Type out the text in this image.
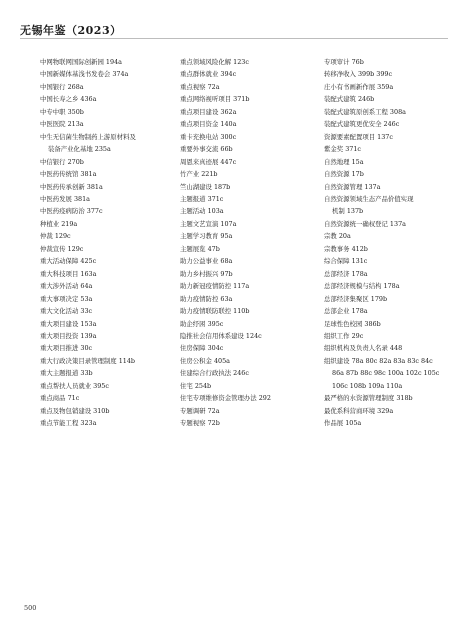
无锡年鉴（2023）
中网物联网国际创新园 194a
中国新媒体基浅书发卷会 374a
中国银行 268a
中国长寿之乡 436a
中专中职 350b
中医医院 213a
中生无信菌生物制药上游原材料及
装备产业化基地 235a
中信银行 270b
中医药传统馆 381a
中医药传承创新 381a
中医药发展 381a
中医药疫病防治 377c
种植业 219a
仲裁 129c
仲裁宣传 129c
重大活动保障 425c
重大科技项目 163a
重大涉外活动 64a
重大事项决定 53a
重大文化活动 33c
重大项目建设 153a
重大项目投资 139a
重大项目推进 30c
重大行政决策目录管理制度 114b
重大主题报道 33b
重点帮扶人员就业 395c
重点商品 71c
重点及物包销建设 310b
重点节能工程 323a
重点领域风险化解 123c
重点群体就业 394c
重点视察 72a
重点网络视听项目 371b
重点项目建设 362a
重点项目资金 140a
重卡充换电站 300c
重要外事交流 66b
周恩来真迹展 447c
竹产业 221b
竺山湖建设 187b
主题报道 371c
主题活动 103a
主题文艺宣演 107a
主题学习教育 95a
主题展览 47b
助力公益事业 68a
助力乡村振兴 97b
助力新冠疫情防控 117a
助力疫情防控 63a
助力疫情联防联控 110b
助企纾困 395c
隐推社会信用体系建设 124c
住房保障 304c
住房公积金 405a
住建综合行政执法 246c
住宅 254b
住宅专项维修资金管理办法 292
专题调研 72a
专题视察 72b
专项审计 76b
转移净收入 399b 399c
庄小有书画新作展 359a
装配式建筑 246b
装配式建筑原创系工程 308a
装配式建筑更优安全 246c
资源要素配置项目 137c
紫金奖 371c
自然地理 15a
自然资源 17b
自然资源管理 137a
自然资源领域生态产品价值实现
机制 137b
自然资源统一确权登记 137a
宗教 20a
宗教事务 412b
综合保障 131c
总部经济 178a
总部经济规模与结构 178a
总部经济集聚区 179b
总部企业 178a
足球性色校园 386b
组织工作 29c
组织机构及负责人名录 448
组织建设 78a 80c 82a 83a 83c 84c
86a 87b 88c 98c 100a 102c 105c
106c 108b 109a 110a
最严格的水资源管理制度 318b
最优系科营商环境 329a
作品展 105a
500
